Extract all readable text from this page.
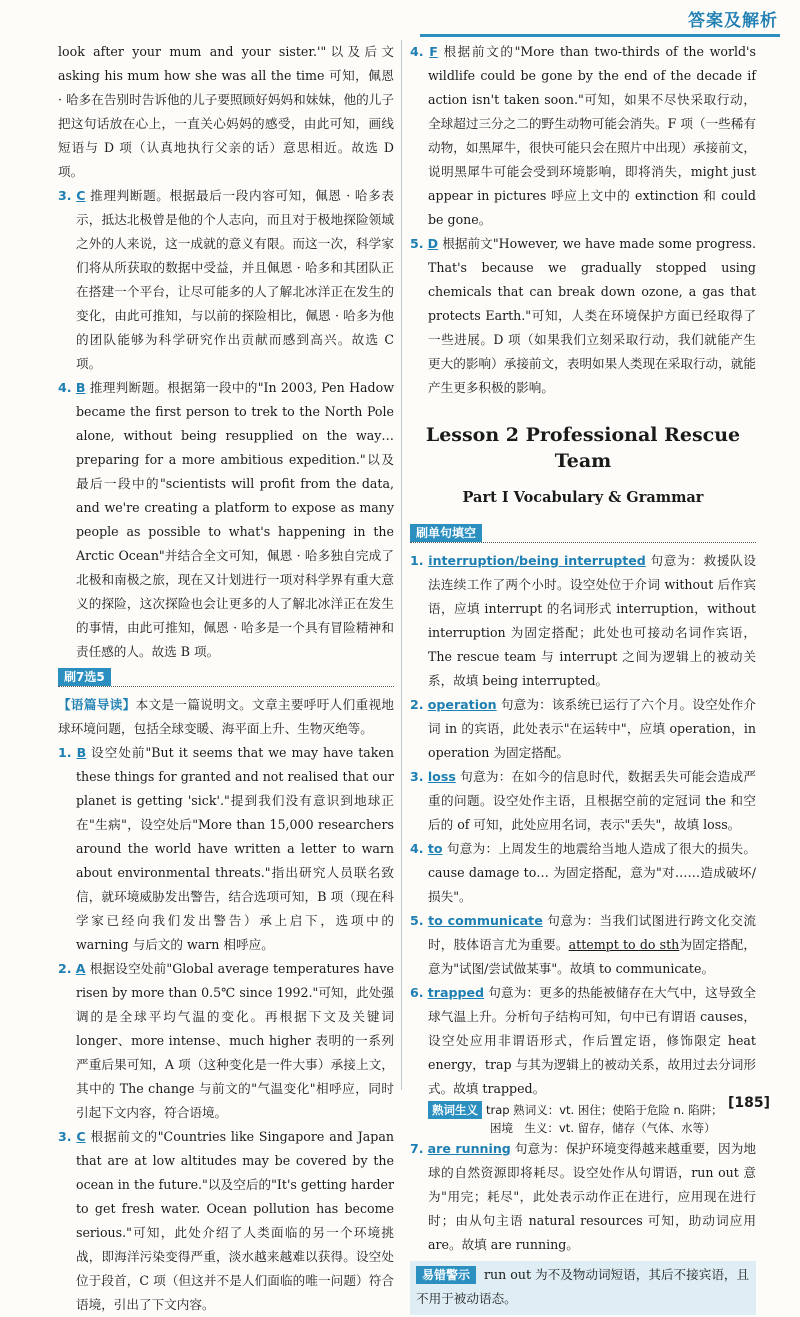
答案及解析

look after your mum and your sister.'"以及后文 asking his mum how she was all the time 可知，佩恩 · 哈多在告别时告诉他的儿子要照顾好妈妈和妹妹，他的儿子把这句话放在心上，一直关心妈妈的感受，由此可知，画线短语与 D 项（认真地执行父亲的话）意思相近。故选 D 项。

3. C 推理判断题。根据最后一段内容可知，佩恩 · 哈多表示，抵达北极曾是他的个人志向，而且对于极地探险领域之外的人来说，这一成就的意义有限。而这一次，科学家们将从所获取的数据中受益，并且佩恩 · 哈多和其团队正在搭建一个平台，让尽可能多的人了解北冰洋正在发生的变化，由此可推知，与以前的探险相比，佩恩 · 哈多为他的团队能够为科学研究作出贡献而感到高兴。故选 C 项。

4. B 推理判断题。根据第一段中的"In 2003, Pen Hadow became the first person to trek to the North Pole alone, without being resupplied on the way… preparing for a more ambitious expedition."以及最后一段中的"scientists will profit from the data, and we're creating a platform to expose as many people as possible to what's happening in the Arctic Ocean"并结合全文可知，佩恩 · 哈多独自完成了北极和南极之旅，现在又计划进行一项对科学界有重大意义的探险，这次探险也会让更多的人了解北冰洋正在发生的事情，由此可推知，佩恩 · 哈多是一个具有冒险精神和责任感的人。故选 B 项。

刷7选5

【语篇导读】本文是一篇说明文。文章主要呼吁人们重视地球环境问题，包括全球变暖、海平面上升、生物灭绝等。

1. B 设空处前"But it seems that we may have taken these things for granted and not realised that our planet is getting 'sick'."提到我们没有意识到地球正在"生病"，设空处后"More than 15,000 researchers around the world have written a letter to warn about environmental threats."指出研究人员联名致信，就环境威胁发出警告，结合选项可知，B 项（现在科学家已经向我们发出警告）承上启下，选项中的 warning 与后文的 warn 相呼应。

2. A 根据设空处前"Global average temperatures have risen by more than 0.5℃ since 1992."可知，此处强调的是全球平均气温的变化。再根据下文及关键词 longer、more intense、much higher 表明的一系列严重后果可知，A 项（这种变化是一件大事）承接上文，其中的 The change 与前文的"气温变化"相呼应，同时引起下文内容，符合语境。

3. C 根据前文的"Countries like Singapore and Japan that are at low altitudes may be covered by the ocean in the future."以及空后的"It's getting harder to get fresh water. Ocean pollution has become serious."可知，此处介绍了人类面临的另一个环境挑战，即海洋污染变得严重，淡水越来越难以获得。设空处位于段首，C 项（但这并不是人们面临的唯一问题）符合语境，引出了下文内容。

4. F 根据前文的"More than two-thirds of the world's wildlife could be gone by the end of the decade if action isn't taken soon."可知，如果不尽快采取行动，全球超过三分之二的野生动物可能会消失。F 项（一些稀有动物，如黑犀牛，很快可能只会在照片中出现）承接前文，说明黑犀牛可能会受到环境影响，即将消失，might just appear in pictures 呼应上文中的 extinction 和 could be gone。

5. D 根据前文"However, we have made some progress. That's because we gradually stopped using chemicals that can break down ozone, a gas that protects Earth."可知，人类在环境保护方面已经取得了一些进展。D 项（如果我们立刻采取行动，我们就能产生更大的影响）承接前文，表明如果人类现在采取行动，就能产生更多积极的影响。

Lesson 2 Professional Rescue Team
Part Ⅰ Vocabulary & Grammar
刷单句填空

1. interruption/being interrupted 句意为：救援队设法连续工作了两个小时。设空处位于介词 without 后作宾语，应填 interrupt 的名词形式 interruption，without interruption 为固定搭配；此处也可接动名词作宾语，The rescue team 与 interrupt 之间为逻辑上的被动关系，故填 being interrupted。

2. operation 句意为：该系统已运行了六个月。设空处作介词 in 的宾语，此处表示"在运转中"，应填 operation，in operation 为固定搭配。

3. loss 句意为：在如今的信息时代，数据丢失可能会造成严重的问题。设空处作主语，且根据空前的定冠词 the 和空后的 of 可知，此处应用名词，表示"丢失"，故填 loss。

4. to 句意为：上周发生的地震给当地人造成了很大的损失。cause damage to… 为固定搭配，意为"对……造成破坏/损失"。

5. to communicate 句意为：当我们试图进行跨文化交流时，肢体语言尤为重要。attempt to do sth为固定搭配，意为"试图/尝试做某事"。故填 to communicate。

6. trapped 句意为：更多的热能被储存在大气中，这导致全球气温上升。分析句子结构可知，句中已有谓语 causes，设空处应用非谓语形式，作后置定语，修饰限定 heat energy，trap 与其为逻辑上的被动关系，故用过去分词形式。故填 trapped。

熟词生义 trap 熟词义：vt. 困住；使陷于危险 n. 陷阱；
困境　生义：vt. 留存，储存（气体、水等）

7. are running 句意为：保护环境变得越来越重要，因为地球的自然资源即将耗尽。设空处作从句谓语，run out 意为"用完；耗尽"，此处表示动作正在进行，应用现在进行时；由从句主语 natural resources 可知，助动词应用 are。故填 are running。

易错警示 run out 为不及物动词短语，其后不接宾语，且不用于被动语态。
[185]
